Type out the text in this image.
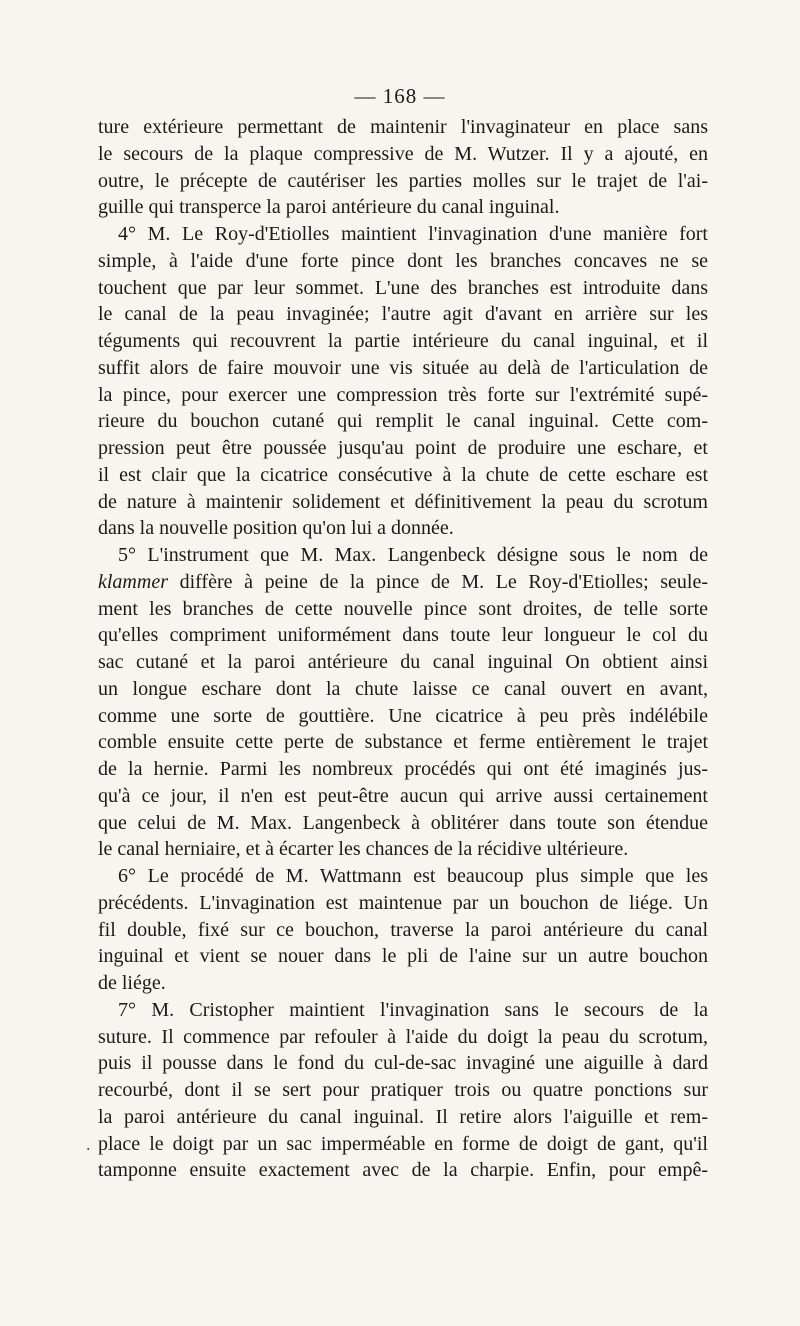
— 168 —
.
ture extérieure permettant de maintenir l'invaginateur en place sans
le secours de la plaque compressive de M. Wutzer. Il y a ajouté, en
outre, le précepte de cautériser les parties molles sur le trajet de l'ai-
guille qui transperce la paroi antérieure du canal inguinal.
4° M. Le Roy-d'Etiolles maintient l'invagination d'une manière fort
simple, à l'aide d'une forte pince dont les branches concaves ne se
touchent que par leur sommet. L'une des branches est introduite dans
le canal de la peau invaginée; l'autre agit d'avant en arrière sur les
téguments qui recouvrent la partie intérieure du canal inguinal, et il
suffit alors de faire mouvoir une vis située au delà de l'articulation de
la pince, pour exercer une compression très forte sur l'extrémité supé-
rieure du bouchon cutané qui remplit le canal inguinal. Cette com-
pression peut être poussée jusqu'au point de produire une eschare, et
il est clair que la cicatrice consécutive à la chute de cette eschare est
de nature à maintenir solidement et définitivement la peau du scrotum
dans la nouvelle position qu'on lui a donnée.
5° L'instrument que M. Max. Langenbeck désigne sous le nom de
klammer diffère à peine de la pince de M. Le Roy-d'Etiolles; seule-
ment les branches de cette nouvelle pince sont droites, de telle sorte
qu'elles compriment uniformément dans toute leur longueur le col du
sac cutané et la paroi antérieure du canal inguinal On obtient ainsi
un longue eschare dont la chute laisse ce canal ouvert en avant,
comme une sorte de gouttière. Une cicatrice à peu près indélébile
comble ensuite cette perte de substance et ferme entièrement le trajet
de la hernie. Parmi les nombreux procédés qui ont été imaginés jus-
qu'à ce jour, il n'en est peut-être aucun qui arrive aussi certainement
que celui de M. Max. Langenbeck à oblitérer dans toute son étendue
le canal herniaire, et à écarter les chances de la récidive ultérieure.
6° Le procédé de M. Wattmann est beaucoup plus simple que les
précédents. L'invagination est maintenue par un bouchon de liége. Un
fil double, fixé sur ce bouchon, traverse la paroi antérieure du canal
inguinal et vient se nouer dans le pli de l'aine sur un autre bouchon
de liége.
7° M. Cristopher maintient l'invagination sans le secours de la
suture. Il commence par refouler à l'aide du doigt la peau du scrotum,
puis il pousse dans le fond du cul-de-sac invaginé une aiguille à dard
recourbé, dont il se sert pour pratiquer trois ou quatre ponctions sur
la paroi antérieure du canal inguinal. Il retire alors l'aiguille et rem-
place le doigt par un sac imperméable en forme de doigt de gant, qu'il
tamponne ensuite exactement avec de la charpie. Enfin, pour empê-
